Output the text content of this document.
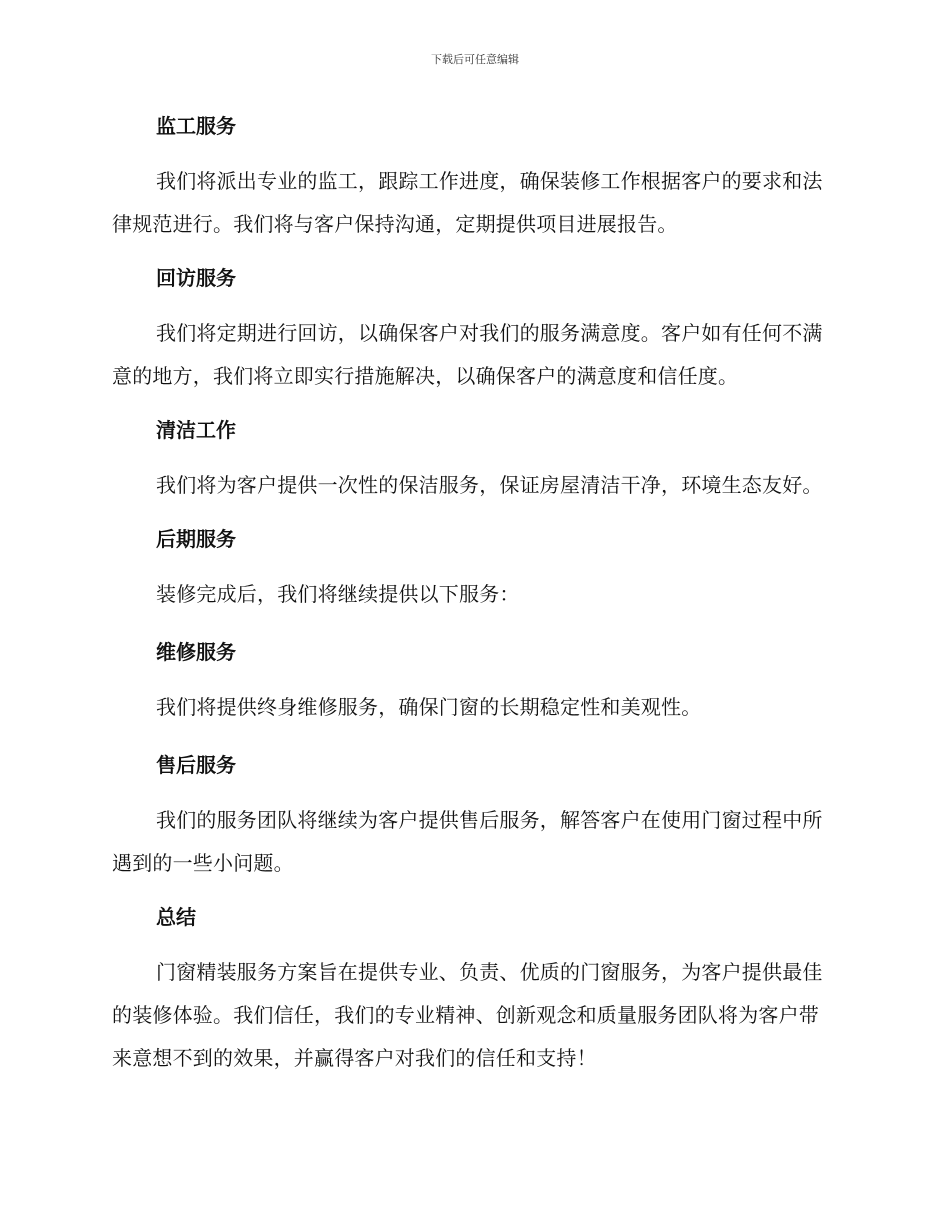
下载后可任意编辑
监工服务

我们将派出专业的监工，跟踪工作进度，确保装修工作根据客户的要求和法律规范进行。我们将与客户保持沟通，定期提供项目进展报告。

回访服务

我们将定期进行回访，以确保客户对我们的服务满意度。客户如有任何不满意的地方，我们将立即实行措施解决，以确保客户的满意度和信任度。

清洁工作

我们将为客户提供一次性的保洁服务，保证房屋清洁干净，环境生态友好。

后期服务

装修完成后，我们将继续提供以下服务：

维修服务

我们将提供终身维修服务，确保门窗的长期稳定性和美观性。

售后服务

我们的服务团队将继续为客户提供售后服务，解答客户在使用门窗过程中所遇到的一些小问题。

总结

门窗精装服务方案旨在提供专业、负责、优质的门窗服务，为客户提供最佳的装修体验。我们信任，我们的专业精神、创新观念和质量服务团队将为客户带来意想不到的效果，并赢得客户对我们的信任和支持！
